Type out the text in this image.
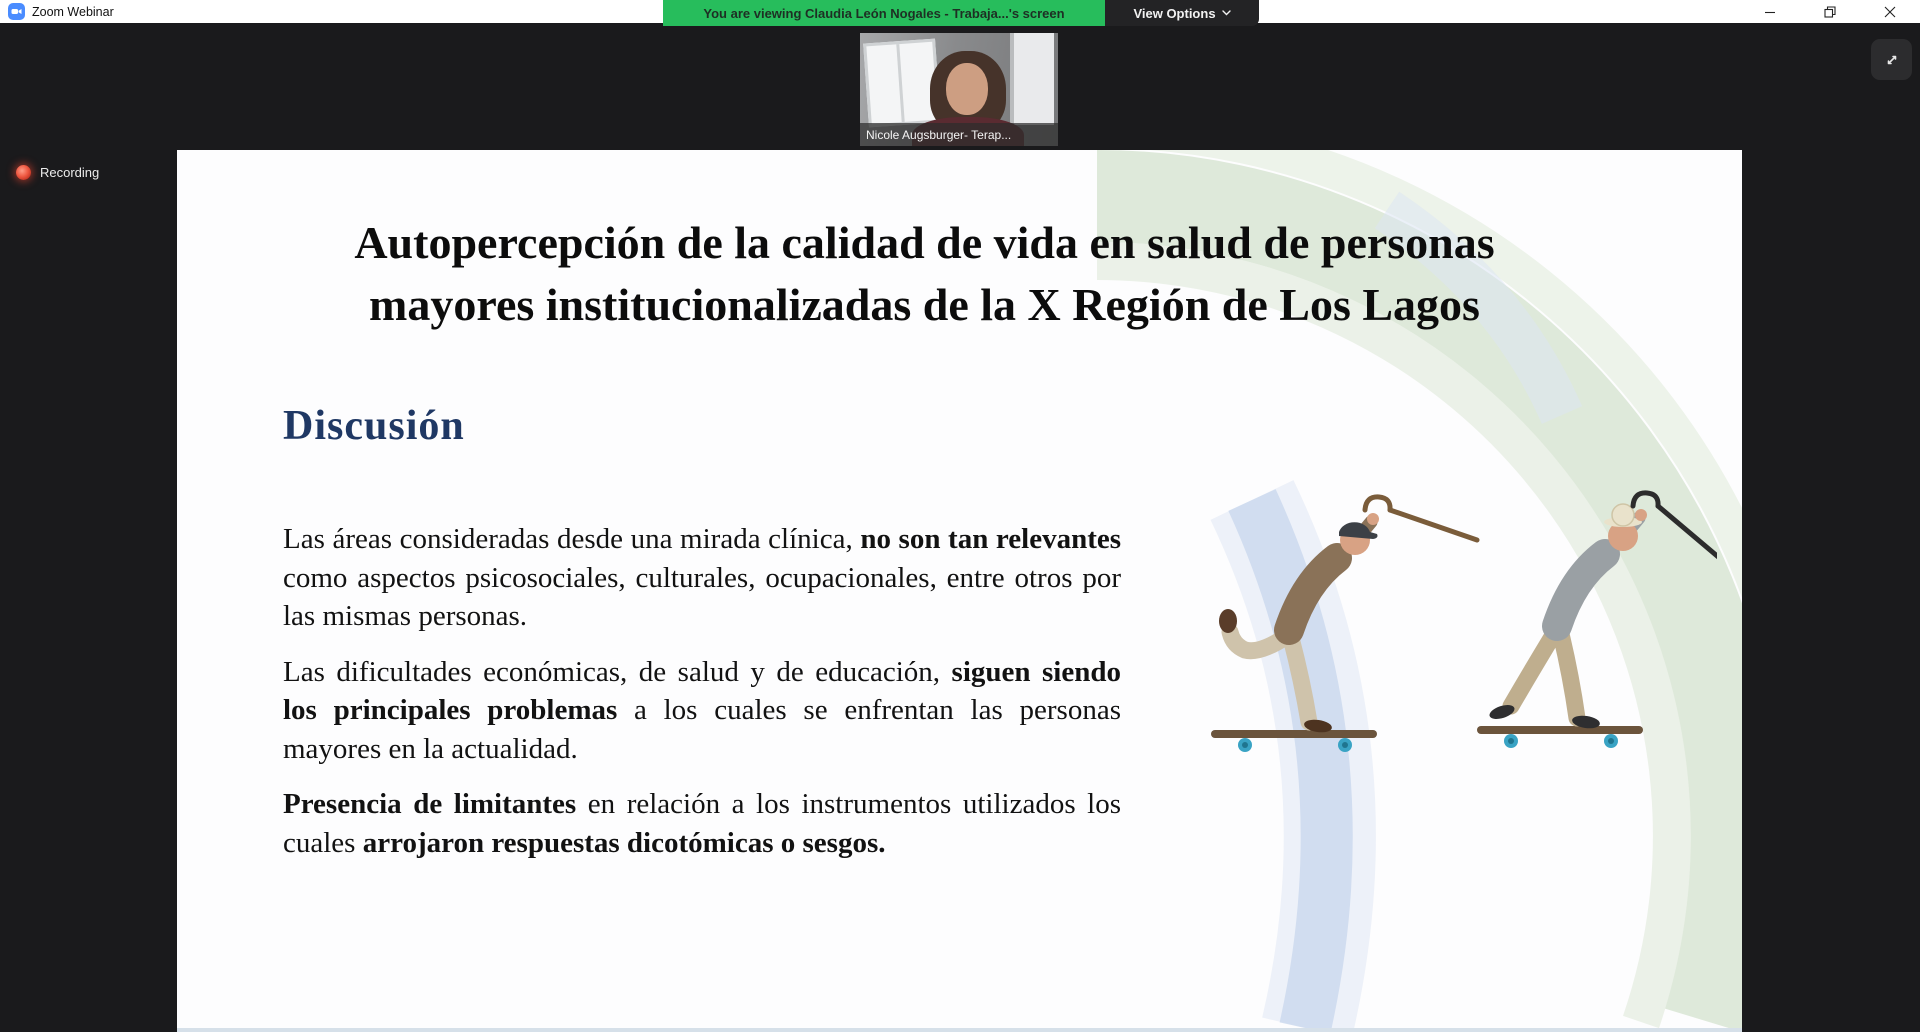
Zoom Webinar	You are viewing Claudia León Nogales - Trabaja...'s screen	View Options
Nicole Augsburger- Terap...
Recording
Autopercepción de la calidad de vida en salud de personas
mayores institucionalizadas de la X Región de Los Lagos
Discusión

Las áreas consideradas desde una mirada clínica, no son tan relevantes como aspectos psicosociales, culturales, ocupacionales, entre otros por las mismas personas.

Las dificultades económicas, de salud y de educación, siguen siendo los principales problemas a los cuales se enfrentan las personas mayores en la actualidad.

Presencia de limitantes en relación a los instrumentos utilizados los cuales arrojaron respuestas dicotómicas o sesgos.
